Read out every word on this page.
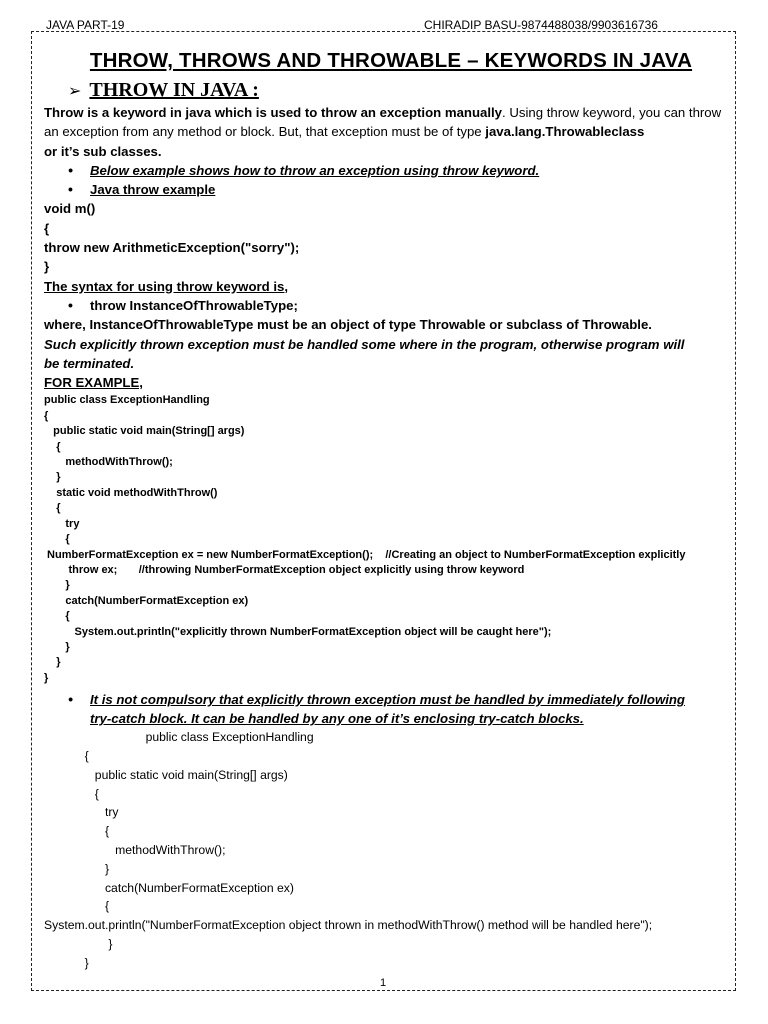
JAVA PART-19	CHIRADIP BASU-9874488038/9903616736
THROW, THROWS AND THROWABLE – KEYWORDS IN JAVA
➢ THROW IN JAVA :
Throw is a keyword in java which is used to throw an exception manually. Using throw keyword, you can throw an exception from any method or block. But, that exception must be of type java.lang.Throwableclass
or it’s sub classes.
• Below example shows how to throw an exception using throw keyword.
• Java throw example
void m()
{
throw new ArithmeticException("sorry");
}
The syntax for using throw keyword is,
• throw InstanceOfThrowableType;
where, InstanceOfThrowableType must be an object of type Throwable or subclass of Throwable.
Such explicitly thrown exception must be handled some where in the program, otherwise program will be terminated.
FOR EXAMPLE,
public class ExceptionHandling
{
public static void main(String[] args)
{
methodWithThrow();
}
static void methodWithThrow()
{
try
{
NumberFormatException ex = new NumberFormatException();    //Creating an object to NumberFormatException explicitly
throw ex;       //throwing NumberFormatException object explicitly using throw keyword
}
catch(NumberFormatException ex)
{
System.out.println("explicitly thrown NumberFormatException object will be caught here");
}
}
}
• It is not compulsory that explicitly thrown exception must be handled by immediately following try-catch block. It can be handled by any one of it’s enclosing try-catch blocks.
public class ExceptionHandling
{
public static void main(String[] args)
{
try
{
methodWithThrow();
}
catch(NumberFormatException ex)
{
System.out.println("NumberFormatException object thrown in methodWithThrow() method will be handled here");
}
}
1
